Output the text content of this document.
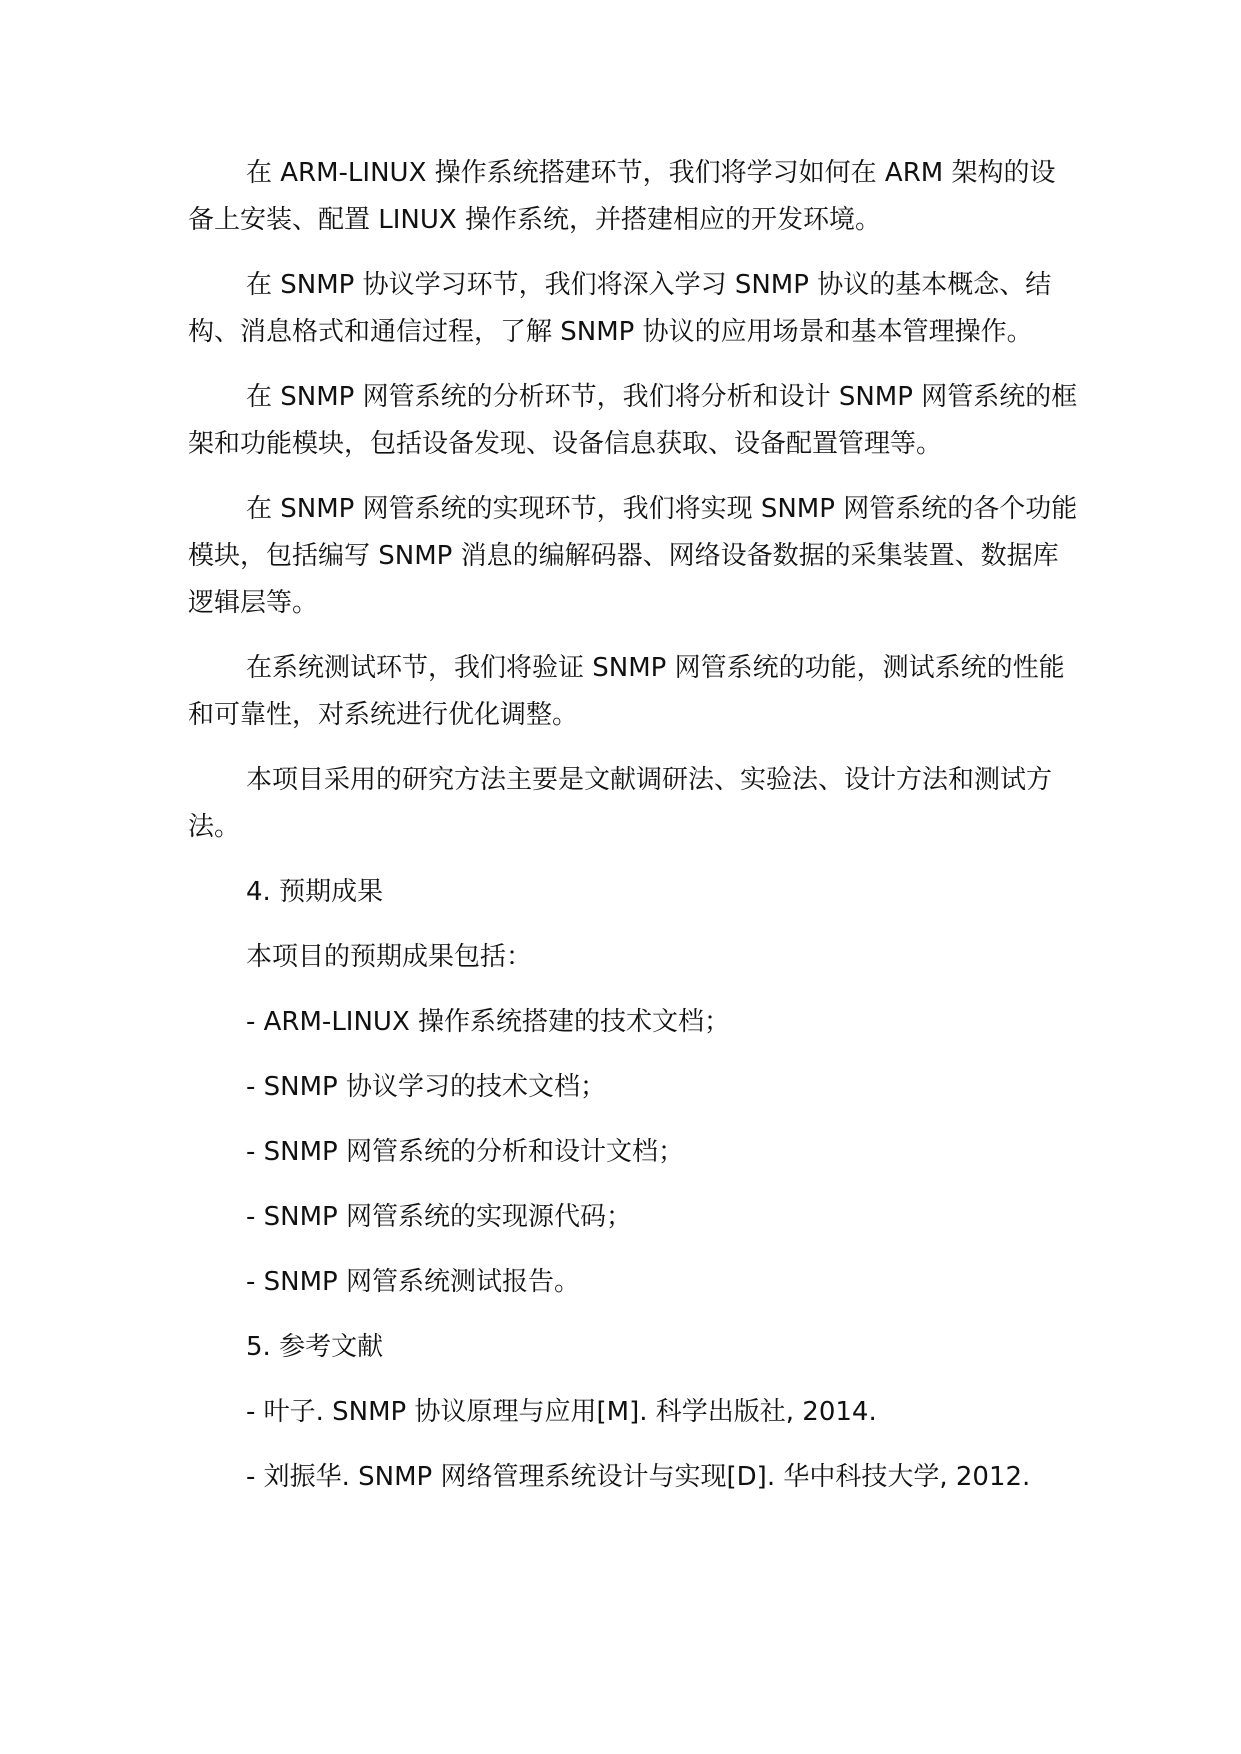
在 ARM-LINUX 操作系统搭建环节，我们将学习如何在 ARM 架构的设备上安装、配置 LINUX 操作系统，并搭建相应的开发环境。

在 SNMP 协议学习环节，我们将深入学习 SNMP 协议的基本概念、结构、消息格式和通信过程，了解 SNMP 协议的应用场景和基本管理操作。

在 SNMP 网管系统的分析环节，我们将分析和设计 SNMP 网管系统的框架和功能模块，包括设备发现、设备信息获取、设备配置管理等。

在 SNMP 网管系统的实现环节，我们将实现 SNMP 网管系统的各个功能模块，包括编写 SNMP 消息的编解码器、网络设备数据的采集装置、数据库逻辑层等。

在系统测试环节，我们将验证 SNMP 网管系统的功能，测试系统的性能和可靠性，对系统进行优化调整。

本项目采用的研究方法主要是文献调研法、实验法、设计方法和测试方法。

4. 预期成果
本项目的预期成果包括：
- ARM-LINUX 操作系统搭建的技术文档；
- SNMP 协议学习的技术文档；
- SNMP 网管系统的分析和设计文档；
- SNMP 网管系统的实现源代码；
- SNMP 网管系统测试报告。
5. 参考文献
- 叶子. SNMP 协议原理与应用[M]. 科学出版社, 2014.
- 刘振华. SNMP 网络管理系统设计与实现[D]. 华中科技大学, 2012.
